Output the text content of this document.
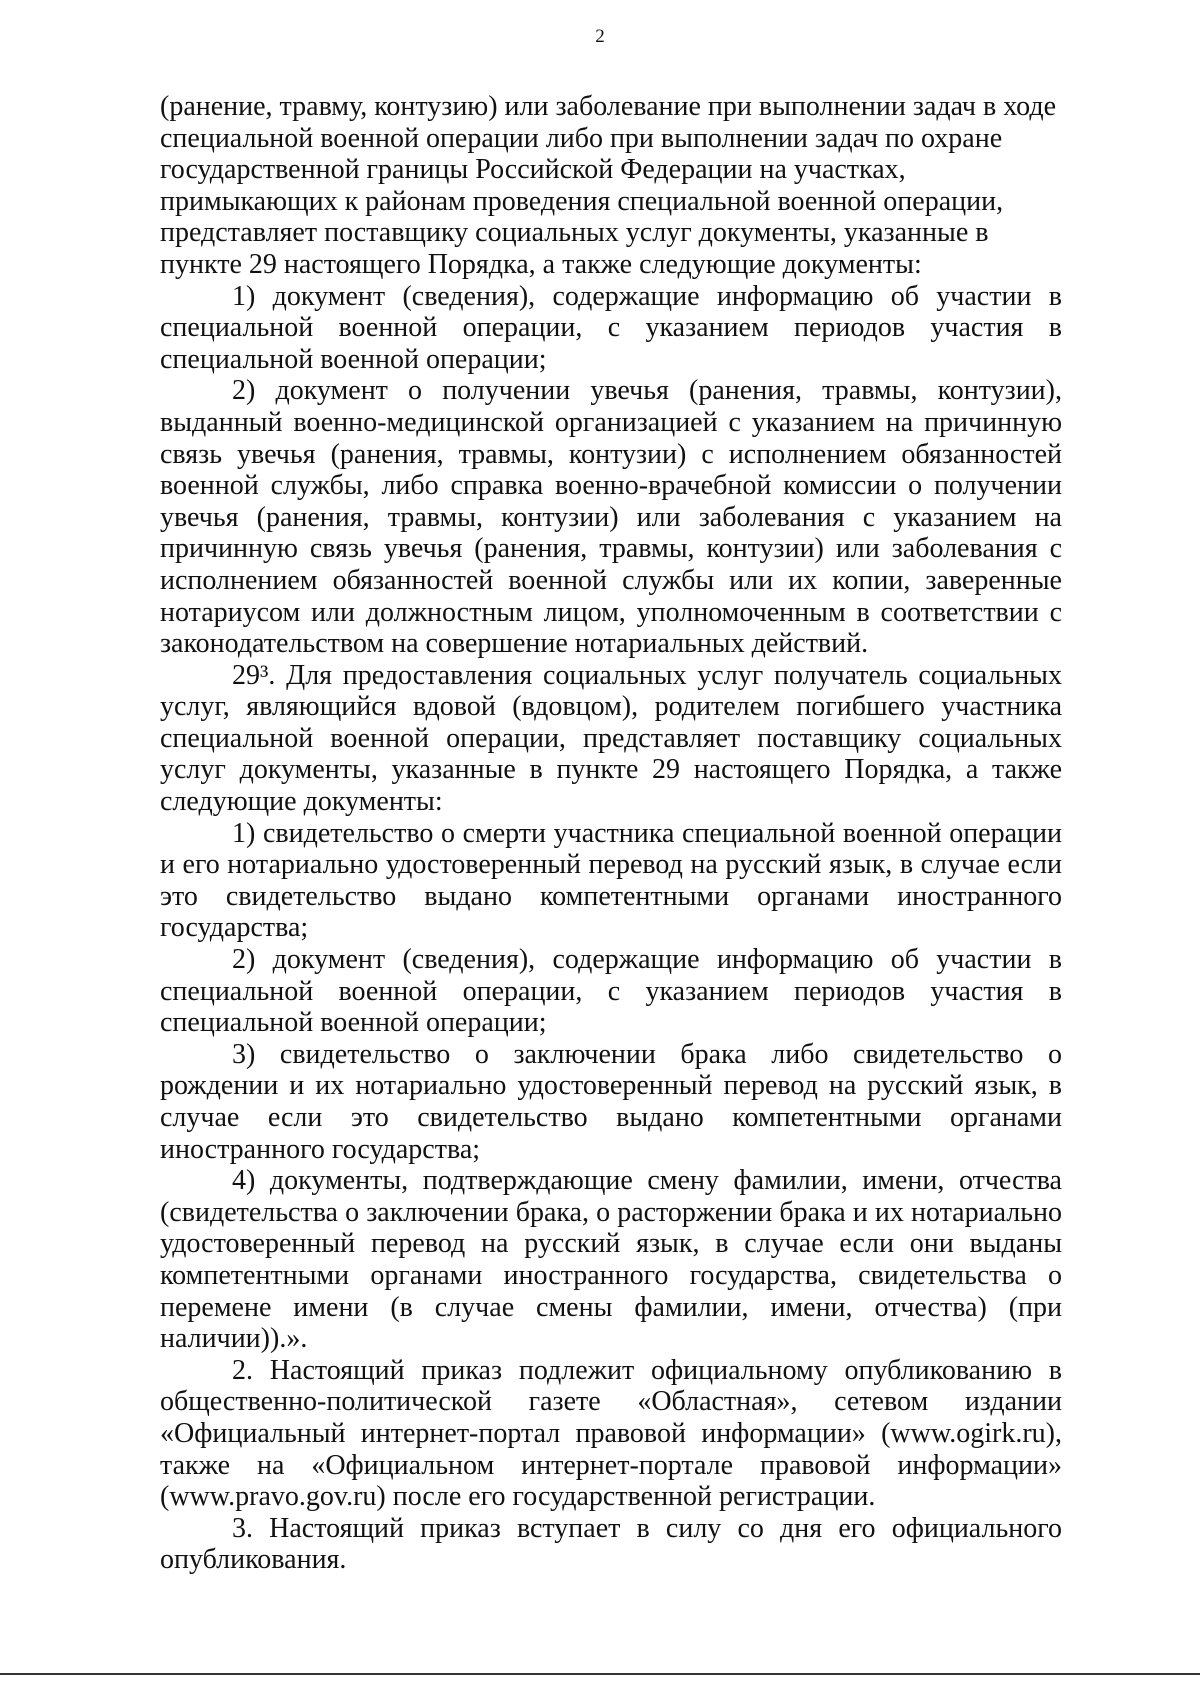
2

(ранение, травму, контузию) или заболевание при выполнении задач в ходе специальной военной операции либо при выполнении задач по охране государственной границы Российской Федерации на участках, примыкающих к районам проведения специальной военной операции, представляет поставщику социальных услуг документы, указанные в пункте 29 настоящего Порядка, а также следующие документы:

1) документ (сведения), содержащие информацию об участии в специальной военной операции, с указанием периодов участия в специальной военной операции;

2) документ о получении увечья (ранения, травмы, контузии), выданный военно-медицинской организацией с указанием на причинную связь увечья (ранения, травмы, контузии) с исполнением обязанностей военной службы, либо справка военно-врачебной комиссии о получении увечья (ранения, травмы, контузии) или заболевания с указанием на причинную связь увечья (ранения, травмы, контузии) или заболевания с исполнением обязанностей военной службы или их копии, заверенные нотариусом или должностным лицом, уполномоченным в соответствии с законодательством на совершение нотариальных действий.

29³. Для предоставления социальных услуг получатель социальных услуг, являющийся вдовой (вдовцом), родителем погибшего участника специальной военной операции, представляет поставщику социальных услуг документы, указанные в пункте 29 настоящего Порядка, а также следующие документы:

1) свидетельство о смерти участника специальной военной операции и его нотариально удостоверенный перевод на русский язык, в случае если это свидетельство выдано компетентными органами иностранного государства;

2) документ (сведения), содержащие информацию об участии в специальной военной операции, с указанием периодов участия в специальной военной операции;

3) свидетельство о заключении брака либо свидетельство о рождении и их нотариально удостоверенный перевод на русский язык, в случае если это свидетельство выдано компетентными органами иностранного государства;

4) документы, подтверждающие смену фамилии, имени, отчества (свидетельства о заключении брака, о расторжении брака и их нотариально удостоверенный перевод на русский язык, в случае если они выданы компетентными органами иностранного государства, свидетельства о перемене имени (в случае смены фамилии, имени, отчества) (при наличии)).».

2. Настоящий приказ подлежит официальному опубликованию в общественно-политической газете «Областная», сетевом издании «Официальный интернет-портал правовой информации» (www.ogirk.ru), также на «Официальном интернет-портале правовой информации» (www.pravo.gov.ru) после его государственной регистрации.

3. Настоящий приказ вступает в силу со дня его официального опубликования.
